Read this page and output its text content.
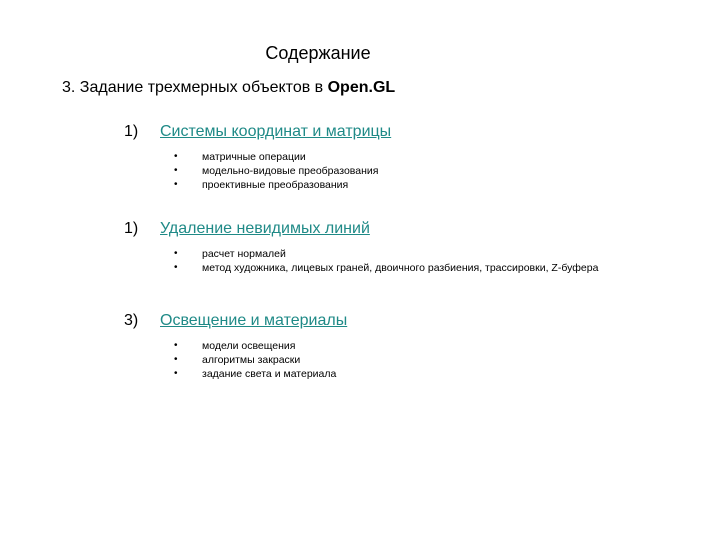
Содержание
3. Задание трехмерных объектов в Open.GL
1) Системы координат и матрицы
• матричные операции
• модельно-видовые преобразования
• проективные преобразования
1) Удаление невидимых линий
• расчет нормалей
• метод художника, лицевых граней, двоичного разбиения, трассировки, Z-буфера
3) Освещение и материалы
• модели освещения
• алгоритмы закраски
• задание света и материала
